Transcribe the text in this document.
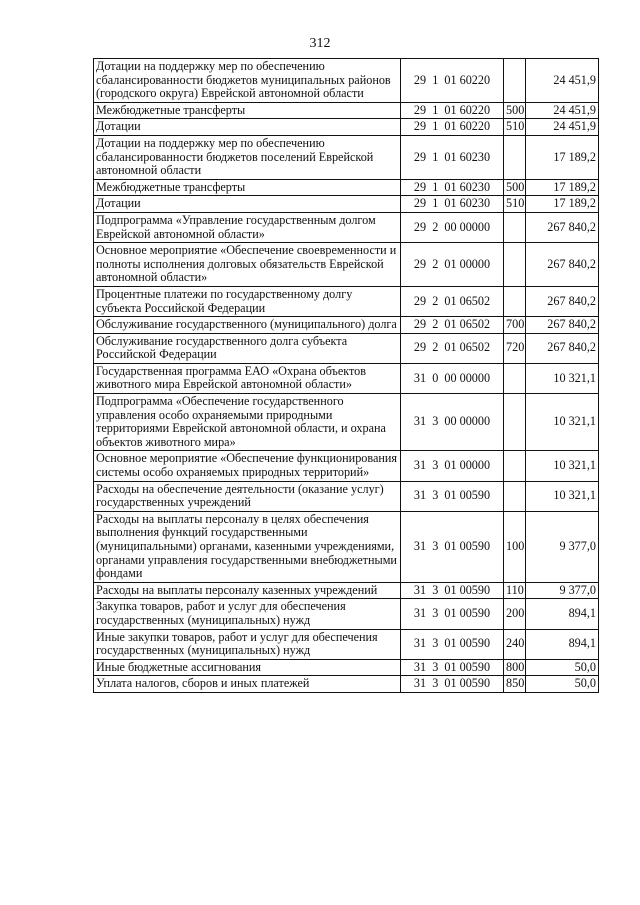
312
Дотации на поддержку мер по обеспечению сбалансированности бюджетов муниципальных районов (городского округа) Еврейской автономной области	29  1  01 60220		24 451,9
Межбюджетные трансферты	29  1  01 60220	500	24 451,9
Дотации	29  1  01 60220	510	24 451,9
Дотации на поддержку мер по обеспечению сбалансированности бюджетов поселений Еврейской автономной области	29  1  01 60230		17 189,2
Межбюджетные трансферты	29  1  01 60230	500	17 189,2
Дотации	29  1  01 60230	510	17 189,2
Подпрограмма «Управление государственным долгом Еврейской автономной области»	29  2  00 00000		267 840,2
Основное мероприятие «Обеспечение своевременности и полноты исполнения долговых обязательств Еврейской автономной области»	29  2  01 00000		267 840,2
Процентные платежи по государственному долгу субъекта Российской Федерации	29  2  01 06502		267 840,2
Обслуживание государственного (муниципального) долга	29  2  01 06502	700	267 840,2
Обслуживание государственного долга субъекта Российской Федерации	29  2  01 06502	720	267 840,2
Государственная программа ЕАО «Охрана объектов животного мира Еврейской автономной области»	31  0  00 00000		10 321,1
Подпрограмма «Обеспечение государственного управления особо охраняемыми природными территориями Еврейской автономной области, и охрана объектов животного мира»	31  3  00 00000		10 321,1
Основное мероприятие «Обеспечение функционирования системы особо охраняемых природных территорий»	31  3  01 00000		10 321,1
Расходы на обеспечение деятельности (оказание услуг) государственных учреждений	31  3  01 00590		10 321,1
Расходы на выплаты персоналу в целях обеспечения выполнения функций государственными (муниципальными) органами, казенными учреждениями, органами управления государственными внебюджетными фондами	31  3  01 00590	100	9 377,0
Расходы на выплаты персоналу казенных учреждений	31  3  01 00590	110	9 377,0
Закупка товаров, работ и услуг для обеспечения государственных (муниципальных) нужд	31  3  01 00590	200	894,1
Иные закупки товаров, работ и услуг для обеспечения государственных (муниципальных) нужд	31  3  01 00590	240	894,1
Иные бюджетные ассигнования	31  3  01 00590	800	50,0
Уплата налогов, сборов и иных платежей	31  3  01 00590	850	50,0
